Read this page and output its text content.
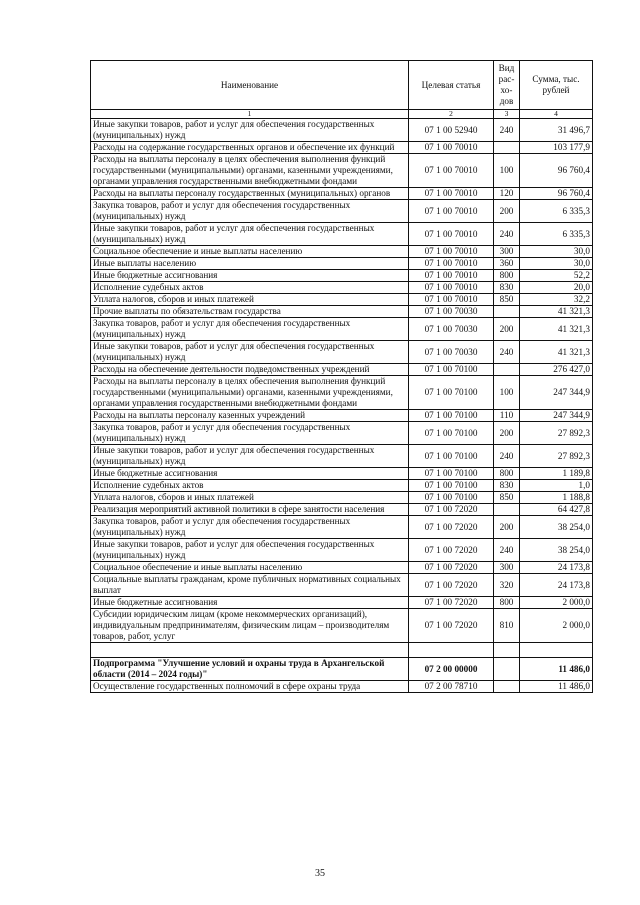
Наименование	Целевая статья	Вид рас- хо- дов	Сумма, тыс. рублей
1	2	3	4
Иные закупки товаров, работ и услуг для обеспечения государственных (муниципальных) нужд	07 1 00 52940	240	31 496,7
Расходы на содержание государственных органов и обеспечение их функций	07 1 00 70010		103 177,9
Расходы на выплаты персоналу в целях обеспечения выполнения функций государственными (муниципальными) органами, казенными учреждениями, органами управления государственными внебюджетными фондами	07 1 00 70010	100	96 760,4
Расходы на выплаты персоналу государственных (муниципальных) органов	07 1 00 70010	120	96 760,4
Закупка товаров, работ и услуг для обеспечения государственных (муниципальных) нужд	07 1 00 70010	200	6 335,3
Иные закупки товаров, работ и услуг для обеспечения государственных (муниципальных) нужд	07 1 00 70010	240	6 335,3
Социальное обеспечение и иные выплаты населению	07 1 00 70010	300	30,0
Иные выплаты населению	07 1 00 70010	360	30,0
Иные бюджетные ассигнования	07 1 00 70010	800	52,2
Исполнение судебных актов	07 1 00 70010	830	20,0
Уплата налогов, сборов и иных платежей	07 1 00 70010	850	32,2
Прочие выплаты по обязательствам государства	07 1 00 70030		41 321,3
Закупка товаров, работ и услуг для обеспечения государственных (муниципальных) нужд	07 1 00 70030	200	41 321,3
Иные закупки товаров, работ и услуг для обеспечения государственных (муниципальных) нужд	07 1 00 70030	240	41 321,3
Расходы на обеспечение деятельности подведомственных учреждений	07 1 00 70100		276 427,0
Расходы на выплаты персоналу в целях обеспечения выполнения функций государственными (муниципальными) органами, казенными учреждениями, органами управления государственными внебюджетными фондами	07 1 00 70100	100	247 344,9
Расходы на выплаты персоналу казенных учреждений	07 1 00 70100	110	247 344,9
Закупка товаров, работ и услуг для обеспечения государственных (муниципальных) нужд	07 1 00 70100	200	27 892,3
Иные закупки товаров, работ и услуг для обеспечения государственных (муниципальных) нужд	07 1 00 70100	240	27 892,3
Иные бюджетные ассигнования	07 1 00 70100	800	1 189,8
Исполнение судебных актов	07 1 00 70100	830	1,0
Уплата налогов, сборов и иных платежей	07 1 00 70100	850	1 188,8
Реализация мероприятий активной политики в сфере занятости населения	07 1 00 72020		64 427,8
Закупка товаров, работ и услуг для обеспечения государственных (муниципальных) нужд	07 1 00 72020	200	38 254,0
Иные закупки товаров, работ и услуг для обеспечения государственных (муниципальных) нужд	07 1 00 72020	240	38 254,0
Социальное обеспечение и иные выплаты населению	07 1 00 72020	300	24 173,8
Социальные выплаты гражданам, кроме публичных нормативных социальных выплат	07 1 00 72020	320	24 173,8
Иные бюджетные ассигнования	07 1 00 72020	800	2 000,0
Субсидии юридическим лицам (кроме некоммерческих организаций), индивидуальным предпринимателям, физическим лицам – производителям товаров, работ, услуг	07 1 00 72020	810	2 000,0

Подпрограмма "Улучшение условий и охраны труда в Архангельской области (2014 – 2024 годы)"	07 2 00 00000		11 486,0
Осуществление государственных полномочий в сфере охраны труда	07 2 00 78710		11 486,0
35
